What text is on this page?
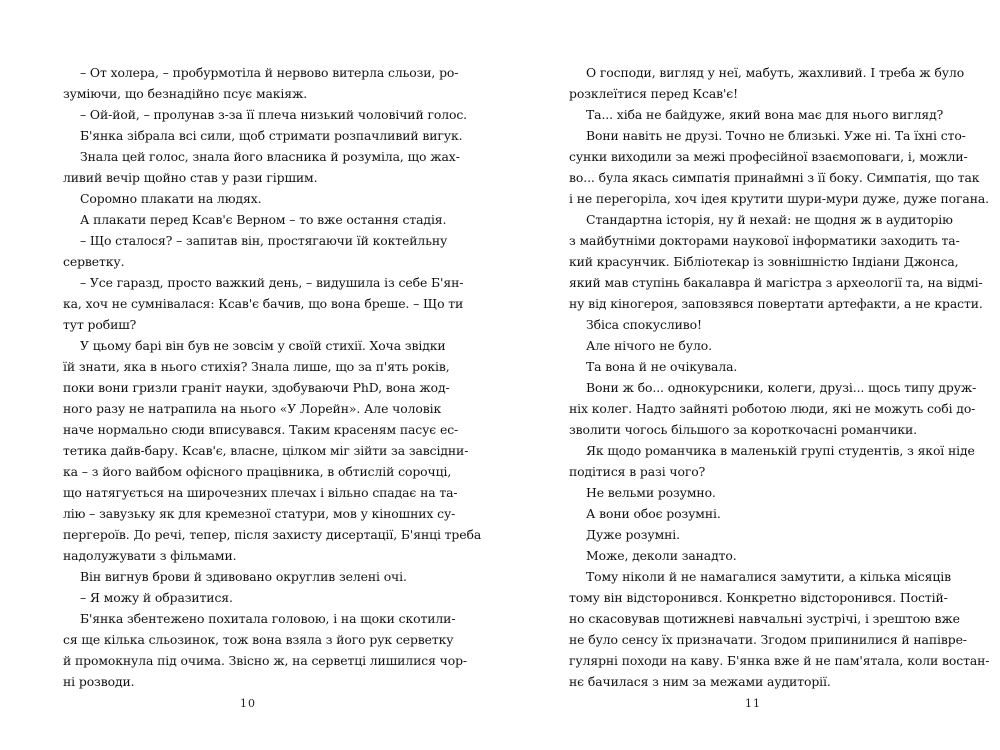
– От холера, – пробурмотіла й нервово витерла сльози, ро-
зуміючи, що безнадійно псує макіяж.
– Ой-йой, – пролунав з-за її плеча низький чоловічий голос.
Б'янка зібрала всі сили, щоб стримати розпачливий вигук.
Знала цей голос, знала його власника й розуміла, що жах-
ливий вечір щойно став у рази гіршим.
Соромно плакати на людях.
А плакати перед Ксав'є Верном – то вже остання стадія.
– Що сталося? – запитав він, простягаючи їй коктейльну
серветку.
– Усе гаразд, просто важкий день, – видушила із себе Б'ян-
ка, хоч не сумнівалася: Ксав'є бачив, що вона бреше. – Що ти
тут робиш?
У цьому барі він був не зовсім у своїй стихії. Хоча звідки
їй знати, яка в нього стихія? Знала лише, що за п'ять років,
поки вони гризли граніт науки, здобуваючи PhD, вона жод-
ного разу не натрапила на нього «У Лорейн». Але чоловік
наче нормально сюди вписувався. Таким красеням пасує ес-
тетика дайв-бару. Ксав'є, власне, цілком міг зійти за завсідни-
ка – з його вайбом офісного працівника, в обтислій сорочці,
що натягується на широчезних плечах і вільно спадає на та-
лію – завузьку як для кремезної статури, мов у кіношних су-
пергероїв. До речі, тепер, після захисту дисертації, Б'янці треба
надолужувати з фільмами.
Він вигнув брови й здивовано округлив зелені очі.
– Я можу й образитися.
Б'янка збентежено похитала головою, і на щоки скотили-
ся ще кілька сльозинок, тож вона взяла з його рук серветку
й промокнула під очима. Звісно ж, на серветці лишилися чор-
ні розводи.
О господи, вигляд у неї, мабуть, жахливий. І треба ж було
розклеїтися перед Ксав'є!
Та... хіба не байдуже, який вона має для нього вигляд?
Вони навіть не друзі. Точно не близькі. Уже ні. Та їхні сто-
сунки виходили за межі професійної взаємоповаги, і, можли-
во... була якась симпатія принаймні з її боку. Симпатія, що так
і не перегоріла, хоч ідея крутити шури-мури дуже, дуже погана.
Стандартна історія, ну й нехай: не щодня ж в аудиторію
з майбутніми докторами наукової інформатики заходить та-
кий красунчик. Бібліотекар із зовнішністю Індіани Джонса,
який мав ступінь бакалавра й магістра з археології та, на відмі-
ну від кіногероя, заповзявся повертати артефакти, а не красти.
Збіса спокусливо!
Але нічого не було.
Та вона й не очікувала.
Вони ж бо... однокурсники, колеги, друзі... щось типу друж-
ніх колег. Надто зайняті роботою люди, які не можуть собі до-
зволити чогось більшого за короткочасні романчики.
Як щодо романчика в маленькій групі студентів, з якої ніде
подітися в разі чого?
Не вельми розумно.
А вони обоє розумні.
Дуже розумні.
Може, деколи занадто.
Тому ніколи й не намагалися замутити, а кілька місяців
тому він відсторонився. Конкретно відсторонився. Постій-
но скасовував щотижневі навчальні зустрічі, і зрештою вже
не було сенсу їх призначати. Згодом припинилися й напівре-
гулярні походи на каву. Б'янка вже й не пам'ятала, коли востан-
нє бачилася з ним за межами аудиторії.
10	11
